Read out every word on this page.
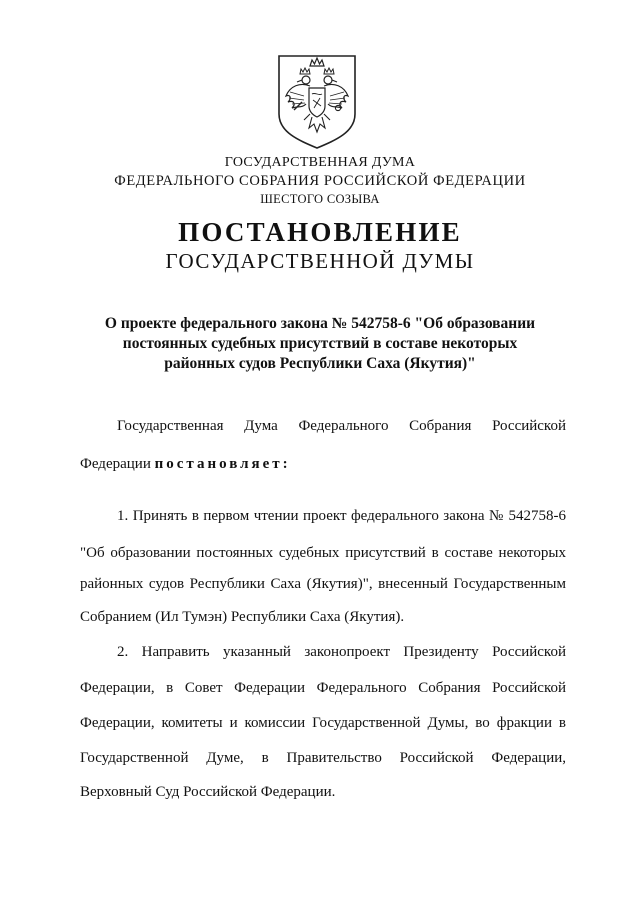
ГОСУДАРСТВЕННАЯ ДУМА
ФЕДЕРАЛЬНОГО СОБРАНИЯ РОССИЙСКОЙ ФЕДЕРАЦИИ
ШЕСТОГО СОЗЫВА
ПОСТАНОВЛЕНИЕ
ГОСУДАРСТВЕННОЙ ДУМЫ
О проекте федерального закона № 542758-6 "Об образовании
постоянных судебных присутствий в составе некоторых
районных судов Республики Саха (Якутия)"
Государственная Дума Федерального Собрания Российской
Федерации постановляет:
1. Принять в первом чтении проект федерального закона № 542758-6
"Об образовании постоянных судебных присутствий в составе некоторых
районных судов Республики Саха (Якутия)", внесенный Государственным
Собранием (Ил Тумэн) Республики Саха (Якутия).
2. Направить указанный законопроект Президенту Российской
Федерации, в Совет Федерации Федерального Собрания Российской
Федерации, комитеты и комиссии Государственной Думы, во фракции в
Государственной Думе, в Правительство Российской Федерации,
Верховный Суд Российской Федерации.
